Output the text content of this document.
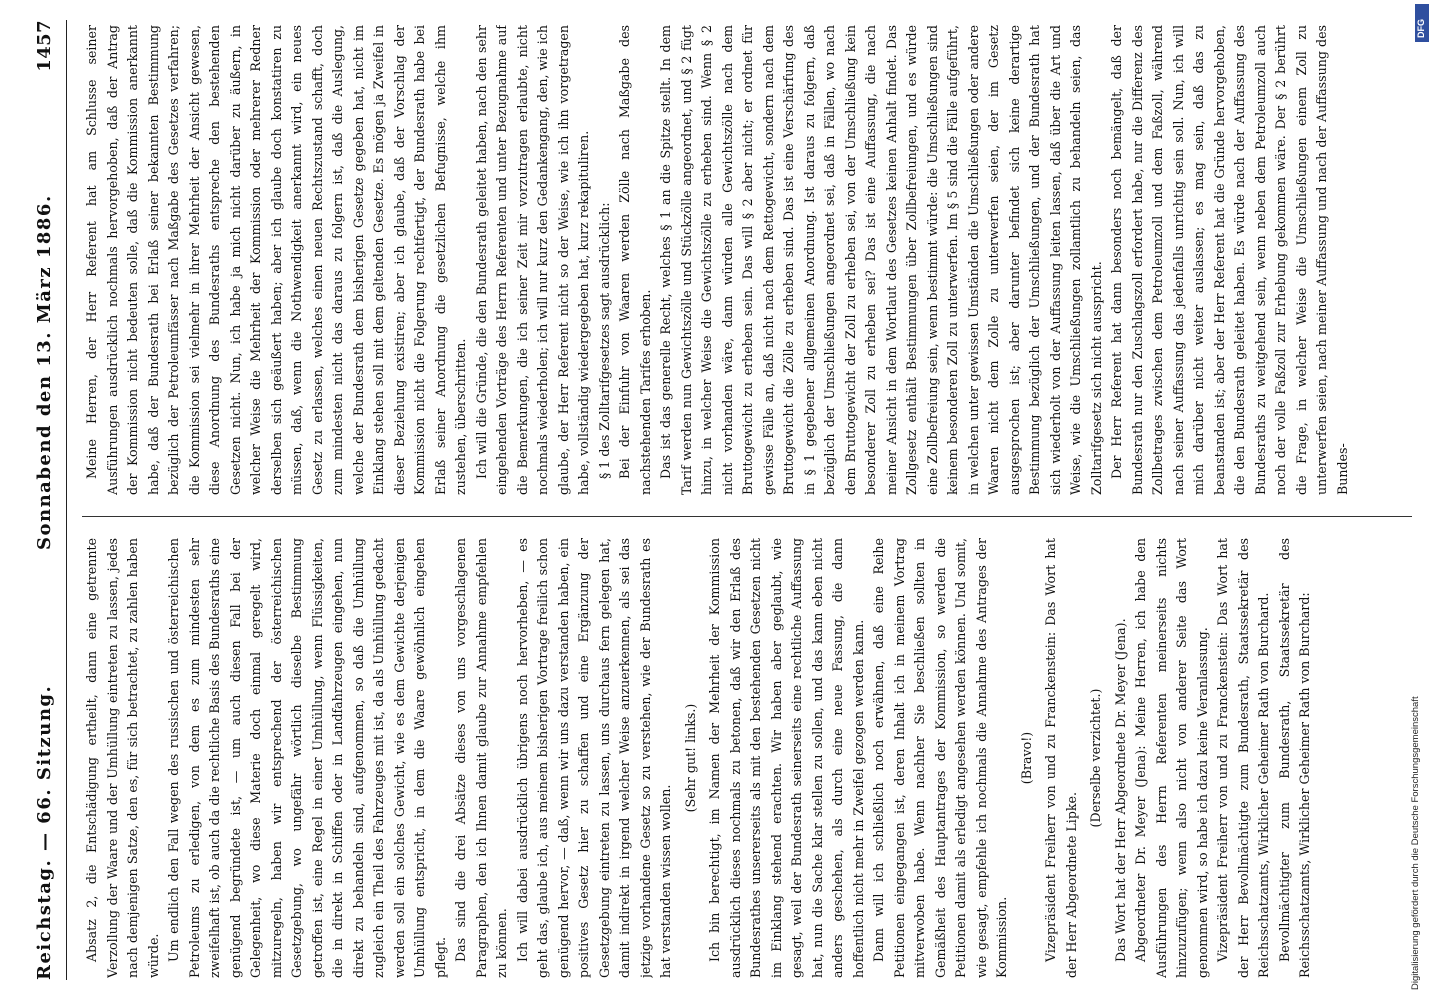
Reichstag. — 66. Sitzung.
Sonnabend den 13. März 1886.
1457

Absatz 2, die Entschädigung ertheilt, dann eine getrennte Verzollung der Waare und der Umhüllung eintreten zu lassen, jedes nach demjenigen Satze, den es, für sich betrachtet, zu zahlen haben würde. Um endlich den Fall wegen des russischen und österreichischen Petroleums zu erledigen, von dem es zum mindesten sehr zweifelhaft ist, ob auch da die rechtliche Basis des Bundesraths eine genügend begründete ist, — um auch diesen Fall bei der Gelegenheit, wo diese Materie doch einmal geregelt wird, mitzuregeln, haben wir entsprechend der österreichischen Gesetzgebung, wo ungefähr wörtlich dieselbe Bestimmung getroffen ist, eine Regel in einer Umhüllung, wenn Flüssigkeiten, die in direkt in Schiffen oder in Landfahrzeugen eingehen, nun direkt zu behandeln sind, aufgenommen, so daß die Umhüllung zugleich ein Theil des Fahrzeuges mit ist, da als Umhüllung gedacht werden soll ein solches Gewicht, wie es dem Gewichte derjenigen Umhüllung entspricht, in dem die Waare gewöhnlich eingehen pflegt. Das sind die drei Absätze dieses von uns vorgeschlagenen Paragraphen, den ich Ihnen damit glaube zur Annahme empfehlen zu können. Ich will dabei ausdrücklich übrigens noch hervorheben, — es geht das, glaube ich, aus meinem bisherigen Vortrage freilich schon genügend hervor, — daß, wenn wir uns dazu verstanden haben, ein positives Gesetz hier zu schaffen und eine Ergänzung der Gesetzgebung eintreten zu lassen, uns durchaus fern gelegen hat, damit indirekt in irgend welcher Weise anzuerkennen, als sei das jetzige vorhandene Gesetz so zu verstehen, wie der Bundesrath es hat verstanden wissen wollen.

(Sehr gut! links.) Ich bin berechtigt, im Namen der Mehrheit der Kommission ausdrücklich dieses nochmals zu betonen, daß wir den Erlaß des Bundesrathes unsererseits als mit den bestehenden Gesetzen nicht im Einklang stehend erachten. Wir haben aber geglaubt, wie gesagt, weil der Bundesrath seinerseits eine rechtliche Auffassung hat, nun die Sache klar stellen zu sollen, und das kann eben nicht anders geschehen, als durch eine neue Fassung, die dann hoffentlich nicht mehr in Zweifel gezogen werden kann. Dann will ich schließlich noch erwähnen, daß eine Reihe Petitionen eingegangen ist, deren Inhalt ich in meinem Vortrag mitverwoben habe. Wenn nachher Sie beschließen sollten in Gemäßheit des Hauptantrages der Kommission, so werden die Petitionen damit als erledigt angesehen werden können. Und somit, wie gesagt, empfehle ich nochmals die Annahme des Antrages der Kommission.

(Bravo!) Vizepräsident Freiherr von und zu Franckenstein: Das Wort hat der Herr Abgeordnete Lipke.

(Derselbe verzichtet.) Das Wort hat der Herr Abgeordnete Dr. Meyer (Jena). Abgeordneter Dr. Meyer (Jena): Meine Herren, ich habe den Ausführungen des Herrn Referenten meinerseits nichts hinzuzufügen; wenn also nicht von anderer Seite das Wort genommen wird, so habe ich dazu keine Veranlassung. Vizepräsident Freiherr von und zu Franckenstein: Das Wort hat der Herr Bevollmächtigte zum Bundesrath, Staatssekretär des Reichsschatzamts, Wirklicher Geheimer Rath von Burchard. Bevollmächtigter zum Bundesrath, Staatssekretär des Reichsschatzamts, Wirklicher Geheimer Rath von Burchard:

Meine Herren, der Herr Referent hat am Schlusse seiner Ausführungen ausdrücklich nochmals hervorgehoben, daß der Antrag der Kommission nicht bedeuten solle, daß die Kommission anerkannt habe, daß der Bundesrath bei Erlaß seiner bekannten Bestimmung bezüglich der Petroleumfässer nach Maßgabe des Gesetzes verfahren; die Kommission sei vielmehr in ihrer Mehrheit der Ansicht gewesen, diese Anordnung des Bundesraths entspreche den bestehenden Gesetzen nicht. Nun, ich habe ja mich nicht darüber zu äußern, in welcher Weise die Mehrheit der Kommission oder mehrerer Redner derselben sich geäußert haben; aber ich glaube doch konstatiren zu müssen, daß, wenn die Nothwendigkeit anerkannt wird, ein neues Gesetz zu erlassen, welches einen neuen Rechtszustand schafft, doch zum mindesten nicht das daraus zu folgern ist, daß die Auslegung, welche der Bundesrath dem bisherigen Gesetze gegeben hat, nicht im Einklang stehen soll mit dem geltenden Gesetze. Es mögen ja Zweifel in dieser Beziehung existiren; aber ich glaube, daß der Vorschlag der Kommission nicht die Folgerung rechtfertigt, der Bundesrath habe bei Erlaß seiner Anordnung die gesetzlichen Befugnisse, welche ihm zustehen, überschritten. Ich will die Gründe, die den Bundesrath geleitet haben, nach den sehr eingehenden Vorträge des Herrn Referenten und unter Bezugnahme auf die Bemerkungen, die ich seiner Zeit mir vorzutragen erlaubte, nicht nochmals wiederholen; ich will nur kurz den Gedankengang, den, wie ich glaube, der Herr Referent nicht so der Weise, wie ich ihn vorgetragen habe, vollständig wiedergegeben hat, kurz rekapituliren. § 1 des Zolltarifgesetzes sagt ausdrücklich: Bei der Einfuhr von Waaren werden Zölle nach Maßgabe des nachstehenden Tarifes erhoben. Das ist das generelle Recht, welches § 1 an die Spitze stellt. In dem Tarif werden nun Gewichtszölle und Stückzölle angeordnet, und § 2 fügt hinzu, in welcher Weise die Gewichtszölle zu erheben sind. Wenn § 2 nicht vorhanden wäre, dann würden alle Gewichtszölle nach dem Bruttogewicht zu erheben sein. Das will § 2 aber nicht; er ordnet für gewisse Fälle an, daß nicht nach dem Rettogewicht, sondern nach dem Bruttogewicht die Zölle zu erheben sind. Das ist eine Verschärfung des in § 1 gegebener allgemeinen Anordnung. Ist daraus zu folgern, daß bezüglich der Umschließungen angeordnet sei, daß in Fällen, wo nach dem Bruttogewicht der Zoll zu erheben sei, von der Umschließung kein besonderer Zoll zu erheben sei? Das ist eine Auffassung, die nach meiner Ansicht in dem Wortlaut des Gesetzes keinen Anhalt findet. Das Zollgesetz enthält Bestimmungen über Zollbefreiungen, und es würde eine Zollbefreiung sein, wenn bestimmt würde: die Umschließungen sind keinem besonderen Zoll zu unterwerfen. Im § 5 sind die Fälle aufgeführt, in welchen unter gewissen Umständen die Umschließungen oder andere Waaren nicht dem Zolle zu unterwerfen seien, der im Gesetz ausgesprochen ist; aber darunter befindet sich keine derartige Bestimmung bezüglich der Umschließungen, und der Bundesrath hat sich wiederholt von der Auffassung leiten lassen, daß über die Art und Weise, wie die Umschließungen zollamtlich zu behandeln seien, das Zolltarifgesetz sich nicht ausspricht. Der Herr Referent hat dann besonders noch bemängelt, daß der Bundesrath nur den Zuschlagszoll erfordert habe, nur die Differenz des Zollbetrages zwischen dem Petroleumzoll und dem Faßzoll, während nach seiner Auffassung das jedenfalls unrichtig sein soll. Nun, ich will mich darüber nicht weiter auslassen; es mag sein, daß das zu beanstanden ist; aber der Herr Referent hat die Gründe hervorgehoben, die den Bundesrath geleitet haben. Es würde nach der Auffassung des Bundesraths zu weitgehend sein, wenn neben dem Petroleumzoll auch noch der volle Faßzoll zur Erhebung gekommen wäre. Der § 2 berührt die Frage, in welcher Weise die Umschließungen einem Zoll zu unterwerfen seien, nach meiner Auffassung und nach der Auffassung des Bundes-

DFG
Digitalisierung gefördert durch die Deutsche Forschungsgemeinschaft
